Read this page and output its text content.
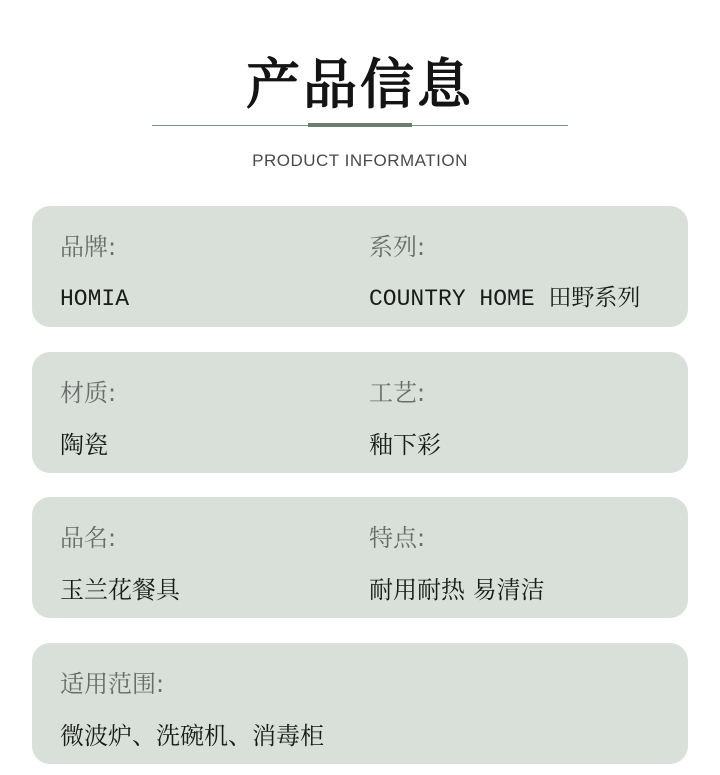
产品信息
PRODUCT INFORMATION
品牌:
HOMIA
系列:
COUNTRY HOME 田野系列
材质:
陶瓷
工艺:
釉下彩
品名:
玉兰花餐具
特点:
耐用耐热 易清洁
适用范围:
微波炉、洗碗机、消毒柜
